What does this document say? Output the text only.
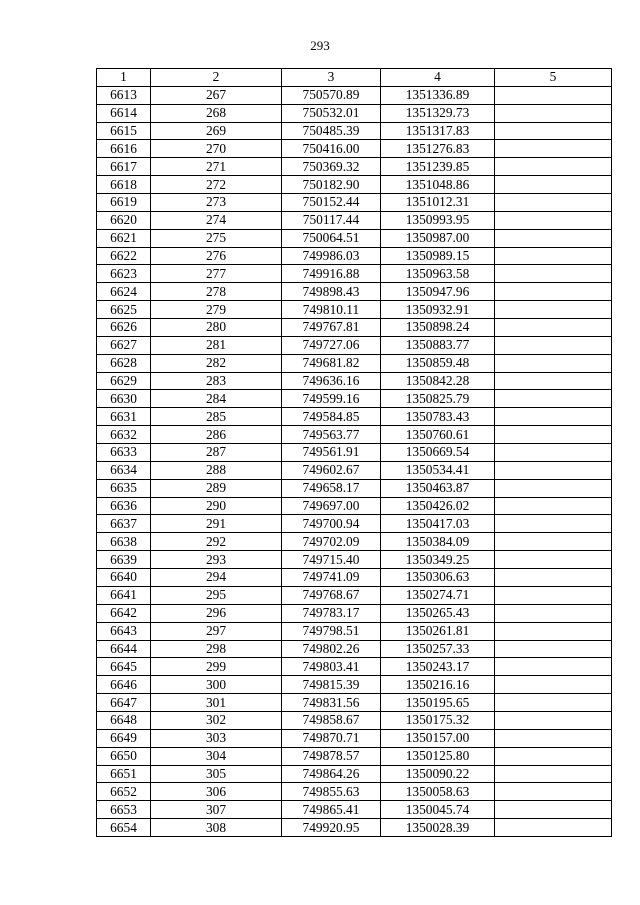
293
1	2	3	4	5
6613	267	750570.89	1351336.89	
6614	268	750532.01	1351329.73	
6615	269	750485.39	1351317.83	
6616	270	750416.00	1351276.83	
6617	271	750369.32	1351239.85	
6618	272	750182.90	1351048.86	
6619	273	750152.44	1351012.31	
6620	274	750117.44	1350993.95	
6621	275	750064.51	1350987.00	
6622	276	749986.03	1350989.15	
6623	277	749916.88	1350963.58	
6624	278	749898.43	1350947.96	
6625	279	749810.11	1350932.91	
6626	280	749767.81	1350898.24	
6627	281	749727.06	1350883.77	
6628	282	749681.82	1350859.48	
6629	283	749636.16	1350842.28	
6630	284	749599.16	1350825.79	
6631	285	749584.85	1350783.43	
6632	286	749563.77	1350760.61	
6633	287	749561.91	1350669.54	
6634	288	749602.67	1350534.41	
6635	289	749658.17	1350463.87	
6636	290	749697.00	1350426.02	
6637	291	749700.94	1350417.03	
6638	292	749702.09	1350384.09	
6639	293	749715.40	1350349.25	
6640	294	749741.09	1350306.63	
6641	295	749768.67	1350274.71	
6642	296	749783.17	1350265.43	
6643	297	749798.51	1350261.81	
6644	298	749802.26	1350257.33	
6645	299	749803.41	1350243.17	
6646	300	749815.39	1350216.16	
6647	301	749831.56	1350195.65	
6648	302	749858.67	1350175.32	
6649	303	749870.71	1350157.00	
6650	304	749878.57	1350125.80	
6651	305	749864.26	1350090.22	
6652	306	749855.63	1350058.63	
6653	307	749865.41	1350045.74	
6654	308	749920.95	1350028.39	
